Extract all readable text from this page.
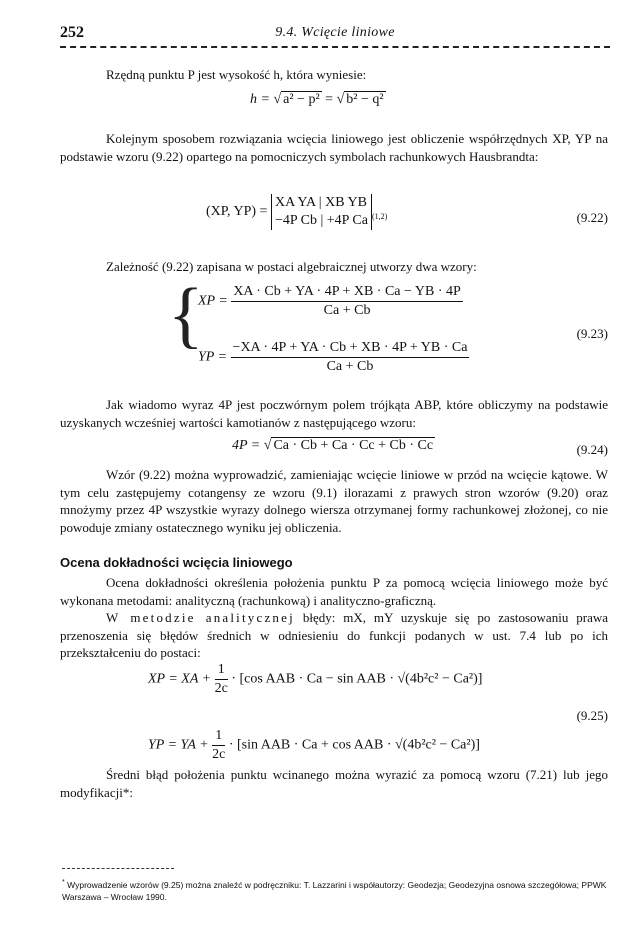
252	9.4. Wcięcie liniowe
Rzędną punktu P jest wysokość h, która wyniesie:
h = √ a² − p² = √ b² − q²
Kolejnym sposobem rozwiązania wcięcia liniowego jest obliczenie współrzędnych XP, YP na podstawie wzoru (9.22) opartego na pomocniczych symbolach rachunkowych Hausbrandta:
(XP, YP) =
XA YA | XB YB
−4P Cb | +4P Ca $_{(1,2)}$	(9.22)
Zależność (9.22) zapisana w postaci algebraicznej utworzy dwa wzory:
{
XP = $\frac{XA \cdot Cb + YA \cdot 4P + XB \cdot Ca - YB \cdot 4P}{Ca + Cb}$
YP = $\frac{-XA \cdot 4P + YA \cdot Cb + XB \cdot 4P + YB \cdot Ca}{Ca + Cb}$
(9.23)
Jak wiadomo wyraz 4P jest poczwórnym polem trójkąta ABP, które obliczymy na podstawie uzyskanych wcześniej wartości kamotianów z następującego wzoru:
4P = √ Ca · Cb + Ca · Cc + Cb · Cc	(9.24)
Wzór (9.22) można wyprowadzić, zamieniając wcięcie liniowe w przód na wcięcie kątowe. W tym celu zastępujemy cotangensy ze wzoru (9.1) ilorazami z prawych stron wzorów (9.20) oraz mnożymy przez 4P wszystkie wyrazy dolnego wiersza otrzymanej formy rachunkowej złożonej, co nie powoduje zmiany ostatecznego wyniku jej obliczenia.
Ocena dokładności wcięcia liniowego
Ocena dokładności określenia położenia punktu P za pomocą wcięcia liniowego może być wykonana metodami: analityczną (rachunkową) i analityczno-graficzną.
W metodzie analitycznej błędy: mX, mY uzyskuje się po zastosowaniu prawa przenoszenia się błędów średnich w odniesieniu do funkcji podanych w ust. 7.4 lub po ich przekształceniu do postaci:
XP = XA + $\frac{1}{2c} \cdot [\cos$ AAB · Ca − sin AAB · √(4b²c² − Ca²)]
YP = YA + $\frac{1}{2c} \cdot [\sin$ AAB · Ca + cos AAB · √(4b²c² − Ca²)]
(9.25)
Średni błąd położenia punktu wcinanego można wyrazić za pomocą wzoru (7.21) lub jego modyfikacji*:
* Wyprowadzenie wzorów (9.25) można znaleźć w podręczniku: T. Lazzarini i współautorzy: Geodezja; Geodezyjna osnowa szczegółowa; PPWK Warszawa – Wrocław 1990.
